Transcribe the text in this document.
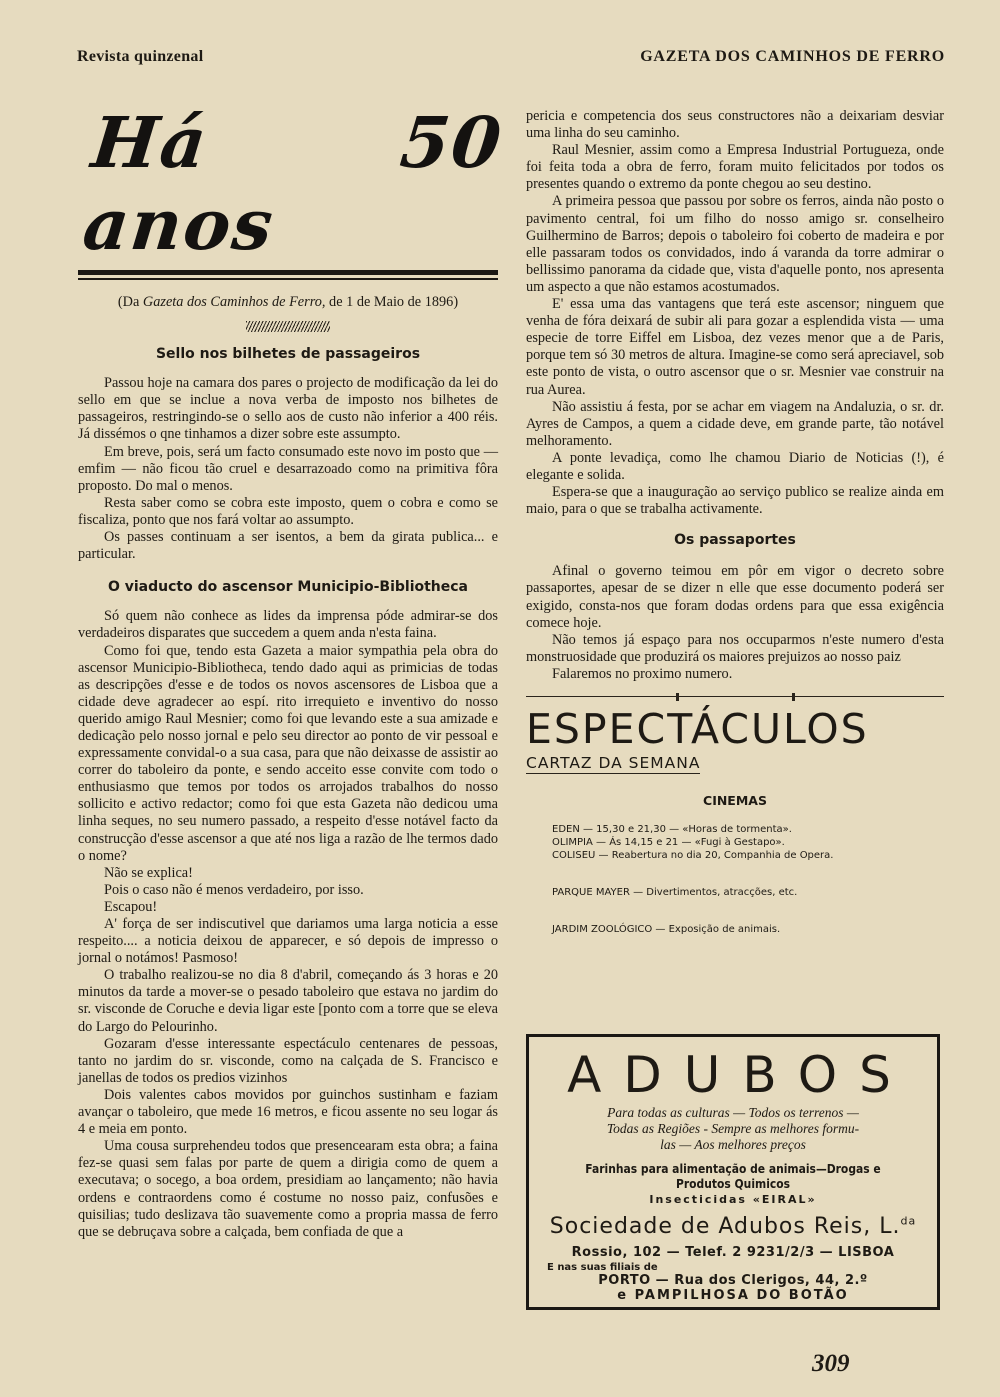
Revista quinzenal	GAZETA DOS CAMINHOS DE FERRO
Há 50 anos
(Da Gazeta dos Caminhos de Ferro, de 1 de Maio de 1896)
Sello nos bilhetes de passageiros

Passou hoje na camara dos pares o projecto de modificação da lei do sello em que se inclue a nova verba de imposto nos bilhetes de passageiros, restringindo-se o sello aos de custo não inferior a 400 réis. Já dissémos o qne tinhamos a dizer sobre este assumpto.

Em breve, pois, será um facto consumado este novo im posto que — emfim — não ficou tão cruel e desarrazoado como na primitiva fôra proposto. Do mal o menos.

Resta saber como se cobra este imposto, quem o cobra e como se fiscaliza, ponto que nos fará voltar ao assumpto.

Os passes continuam a ser isentos, a bem da girata publica... e particular.

O viaducto do ascensor Municipio-Bibliotheca

Só quem não conhece as lides da imprensa póde admirar-se dos verdadeiros disparates que succedem a quem anda n'esta faina.

Como foi que, tendo esta Gazeta a maior sympathia pela obra do ascensor Municipio-Bibliotheca, tendo dado aqui as primicias de todas as descripções d'esse e de todos os novos ascensores de Lisboa que a cidade deve agradecer ao espí. rito irrequieto e inventivo do nosso querido amigo Raul Mesnier; como foi que levando este a sua amizade e dedicação pelo nosso jornal e pelo seu director ao ponto de vir pessoal e expressamente convidal-o a sua casa, para que não deixasse de assistir ao correr do taboleiro da ponte, e sendo acceito esse convite com todo o enthusiasmo que temos por todos os arrojados trabalhos do nosso sollicito e activo redactor; como foi que esta Gazeta não dedicou uma linha seques, no seu numero passado, a respeito d'esse notável facto da construcção d'esse ascensor a que até nos liga a razão de lhe termos dado o nome?

Não se explica!

Pois o caso não é menos verdadeiro, por isso.

Escapou!

A' força de ser indiscutivel que dariamos uma larga noticia a esse respeito.... a noticia deixou de apparecer, e só depois de impresso o jornal o notámos! Pasmoso!

O trabalho realizou-se no dia 8 d'abril, começando ás 3 horas e 20 minutos da tarde a mover-se o pesado taboleiro que estava no jardim do sr. visconde de Coruche e devia ligar este [ponto com a torre que se eleva do Largo do Pelourinho.

Gozaram d'esse interessante espectáculo centenares de pessoas, tanto no jardim do sr. visconde, como na calçada de S. Francisco e janellas de todos os predios vizinhos

Dois valentes cabos movidos por guinchos sustinham e faziam avançar o taboleiro, que mede 16 metros, e ficou assente no seu logar ás 4 e meia em ponto.

Uma cousa surprehendeu todos que presencearam esta obra; a faina fez-se quasi sem falas por parte de quem a dirigia como de quem a executava; o socego, a boa ordem, presidiam ao lançamento; não havia ordens e contraordens como é costume no nosso paiz, confusões e quisilias; tudo deslizava tão suavemente como a propria massa de ferro que se debruçava sobre a calçada, bem confiada de que a

pericia e competencia dos seus constructores não a deixariam desviar uma linha do seu caminho.

Raul Mesnier, assim como a Empresa Industrial Portugueza, onde foi feita toda a obra de ferro, foram muito felicitados por todos os presentes quando o extremo da ponte chegou ao seu destino.

A primeira pessoa que passou por sobre os ferros, ainda não posto o pavimento central, foi um filho do nosso amigo sr. conselheiro Guilhermino de Barros; depois o taboleiro foi coberto de madeira e por elle passaram todos os convidados, indo á varanda da torre admirar o bellissimo panorama da cidade que, vista d'aquelle ponto, nos apresenta um aspecto a que não estamos acostumados.

E' essa uma das vantagens que terá este ascensor; ninguem que venha de fóra deixará de subir ali para gozar a esplendida vista — uma especie de torre Eiffel em Lisboa, dez vezes menor que a de Paris, porque tem só 30 metros de altura. Imagine-se como será apreciavel, sob este ponto de vista, o outro ascensor que o sr. Mesnier vae construir na rua Aurea.

Não assistiu á festa, por se achar em viagem na Andaluzia, o sr. dr. Ayres de Campos, a quem a cidade deve, em grande parte, tão notável melhoramento.

A ponte levadiça, como lhe chamou Diario de Noticias (!), é elegante e solida.

Espera-se que a inauguração ao serviço publico se realize ainda em maio, para o que se trabalha activamente.

Os passaportes

Afinal o governo teimou em pôr em vigor o decreto sobre passaportes, apesar de se dizer n elle que esse documento poderá ser exigido, consta-nos que foram dodas ordens para que essa exigência comece hoje.

Não temos já espaço para nos occuparmos n'este numero d'esta monstruosidade que produzirá os maiores prejuizos ao nosso paiz

Falaremos no proximo numero.

ESPECTÁCULOS
CARTAZ DA SEMANA
CINEMAS
EDEN — 15,30 e 21,30 — «Horas de tormenta».
OLIMPIA — Ás 14,15 e 21 — «Fugi à Gestapo».
COLISEU — Reabertura no dia 20, Companhia de Opera.
PARQUE MAYER — Divertimentos, atracções, etc.
JARDIM ZOOLÓGICO — Exposição de animais.
ADUBOS
Para todas as culturas — Todos os terrenos —
Todas as Regiões - Sempre as melhores formu-
las — Aos melhores preços
Farinhas para alimentação de animais—Drogas e Produtos Quimicos
Insecticidas «EIRAL»
Sociedade de Adubos Reis, L.$^{da}$
Rossio, 102 — Telef. 2 9231/2/3 — LISBOA
E nas suas filiais de
PORTO — Rua dos Clerigos, 44, 2.º
e PAMPILHOSA DO BOTÃO
309
